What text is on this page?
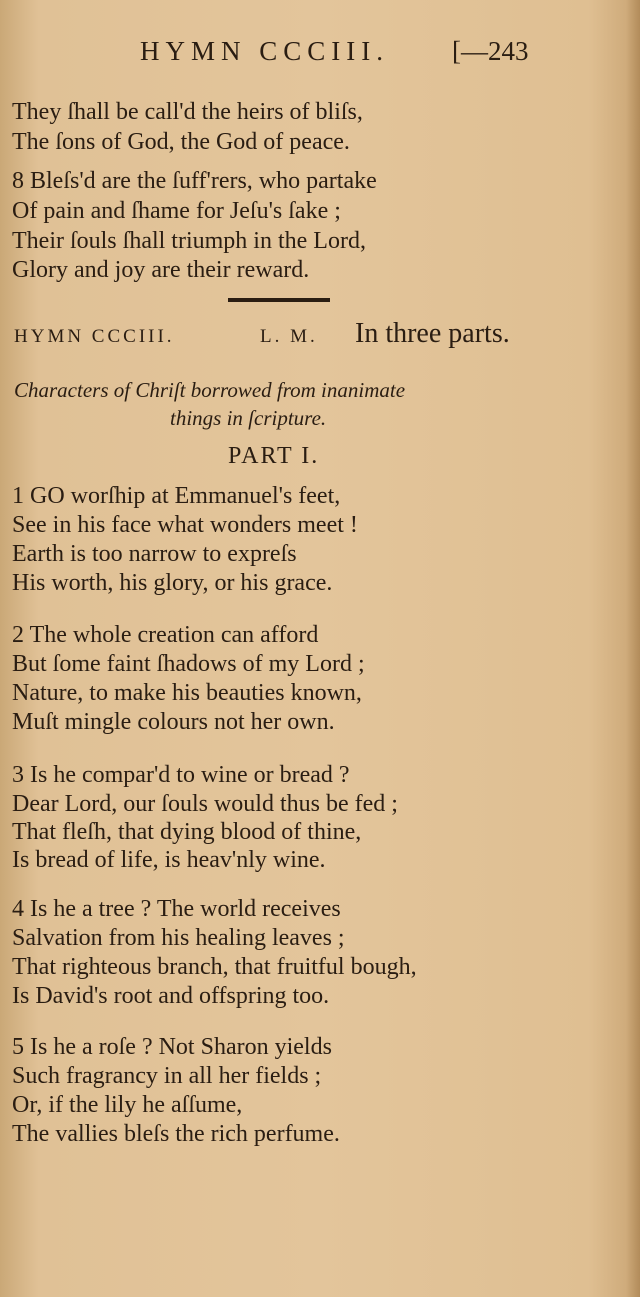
HYMN CCCIII. [—243
They ſhall be call'd the heirs of bliſs,
The ſons of God, the God of peace.
8 Bleſs'd are the ſuff'rers, who partake
Of pain and ſhame for Jeſu's ſake ;
Their ſouls ſhall triumph in the Lord,
Glory and joy are their reward.
HYMN CCCIII.	L. M. In three parts.
Characters of Chriſt borrowed from inanimate
things in ſcripture.
PART I.
1 GO worſhip at Emmanuel's feet,
See in his face what wonders meet !
Earth is too narrow to expreſs
His worth, his glory, or his grace.
2 The whole creation can afford
But ſome faint ſhadows of my Lord ;
Nature, to make his beauties known,
Muſt mingle colours not her own.
3 Is he compar'd to wine or bread ?
Dear Lord, our ſouls would thus be fed ;
That fleſh, that dying blood of thine,
Is bread of life, is heav'nly wine.
4 Is he a tree ? The world receives
Salvation from his healing leaves ;
That righteous branch, that fruitful bough,
Is David's root and offspring too.
5 Is he a roſe ? Not Sharon yields
Such fragrancy in all her fields ;
Or, if the lily he aſſume,
The vallies bleſs the rich perfume.
